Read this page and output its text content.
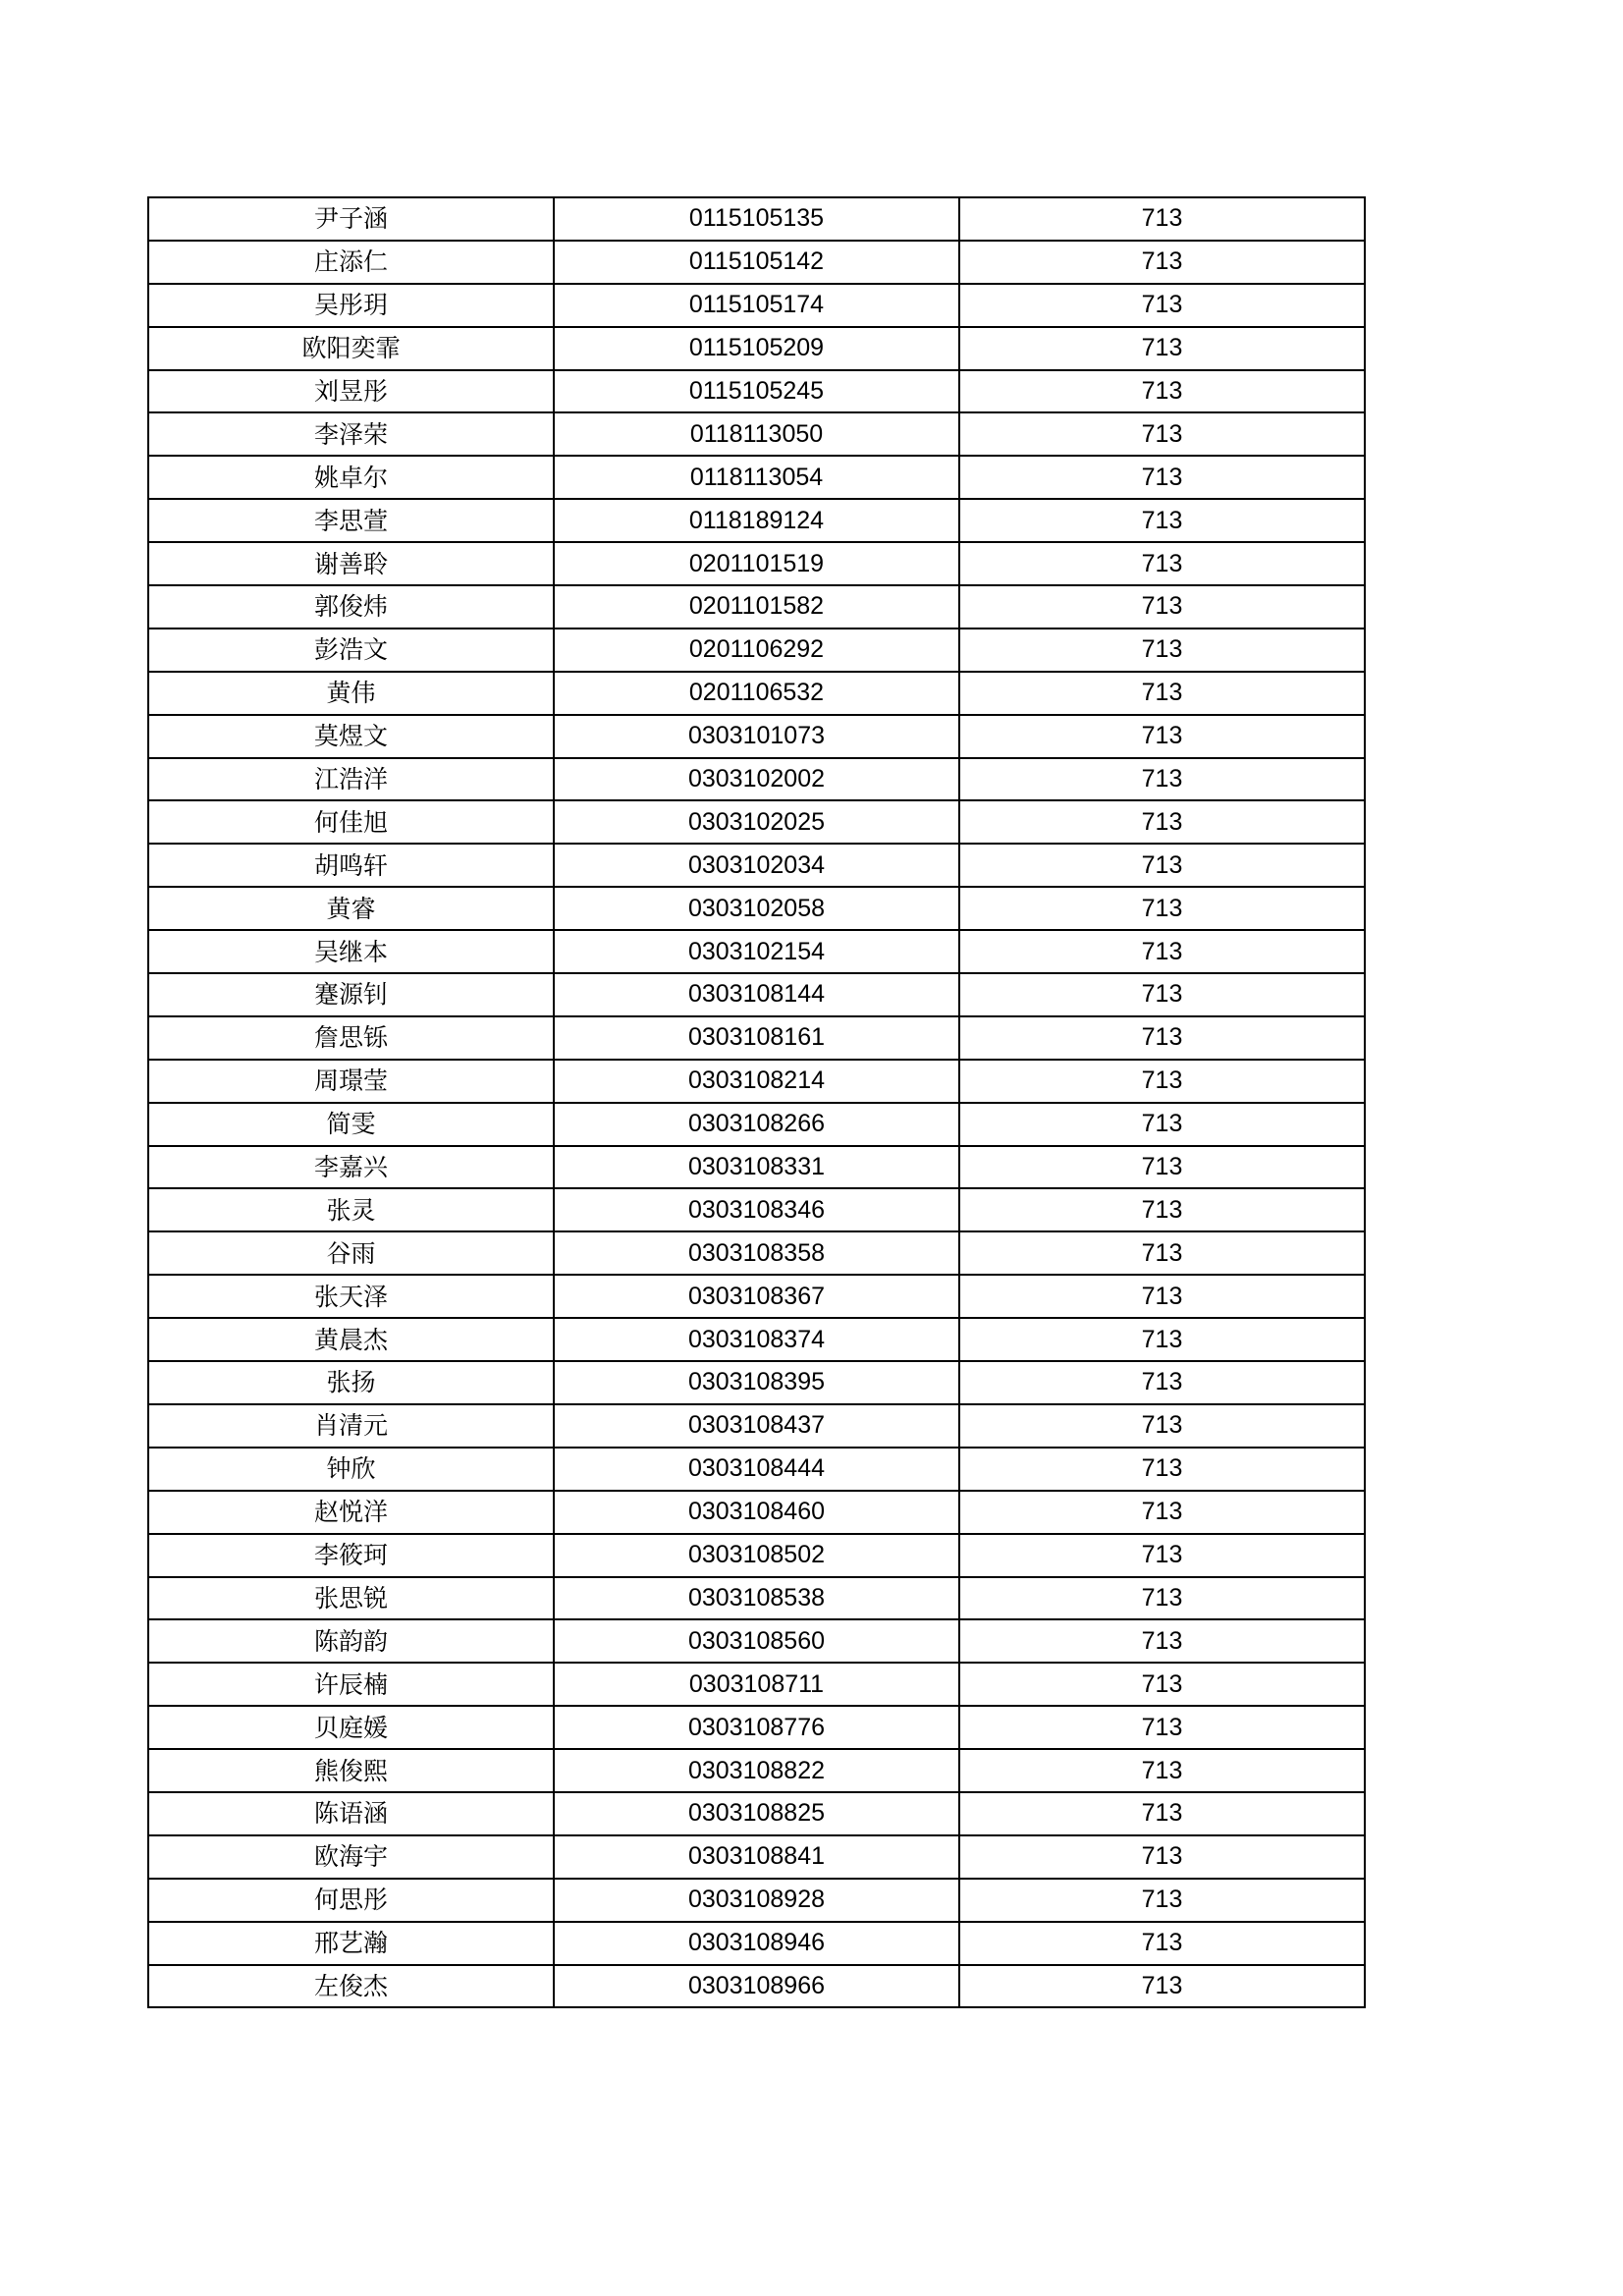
尹子涵	0115105135	713
庄添仁	0115105142	713
吴彤玥	0115105174	713
欧阳奕霏	0115105209	713
刘昱彤	0115105245	713
李泽荣	0118113050	713
姚卓尔	0118113054	713
李思萱	0118189124	713
谢善聆	0201101519	713
郭俊炜	0201101582	713
彭浩文	0201106292	713
黄伟	0201106532	713
莫煜文	0303101073	713
江浩洋	0303102002	713
何佳旭	0303102025	713
胡鸣轩	0303102034	713
黄睿	0303102058	713
吴继本	0303102154	713
蹇源钊	0303108144	713
詹思铄	0303108161	713
周璟莹	0303108214	713
简雯	0303108266	713
李嘉兴	0303108331	713
张灵	0303108346	713
谷雨	0303108358	713
张天泽	0303108367	713
黄晨杰	0303108374	713
张扬	0303108395	713
肖清元	0303108437	713
钟欣	0303108444	713
赵悦洋	0303108460	713
李筱珂	0303108502	713
张思锐	0303108538	713
陈韵韵	0303108560	713
许辰楠	0303108711	713
贝庭媛	0303108776	713
熊俊熙	0303108822	713
陈语涵	0303108825	713
欧海宇	0303108841	713
何思彤	0303108928	713
邢艺瀚	0303108946	713
左俊杰	0303108966	713
